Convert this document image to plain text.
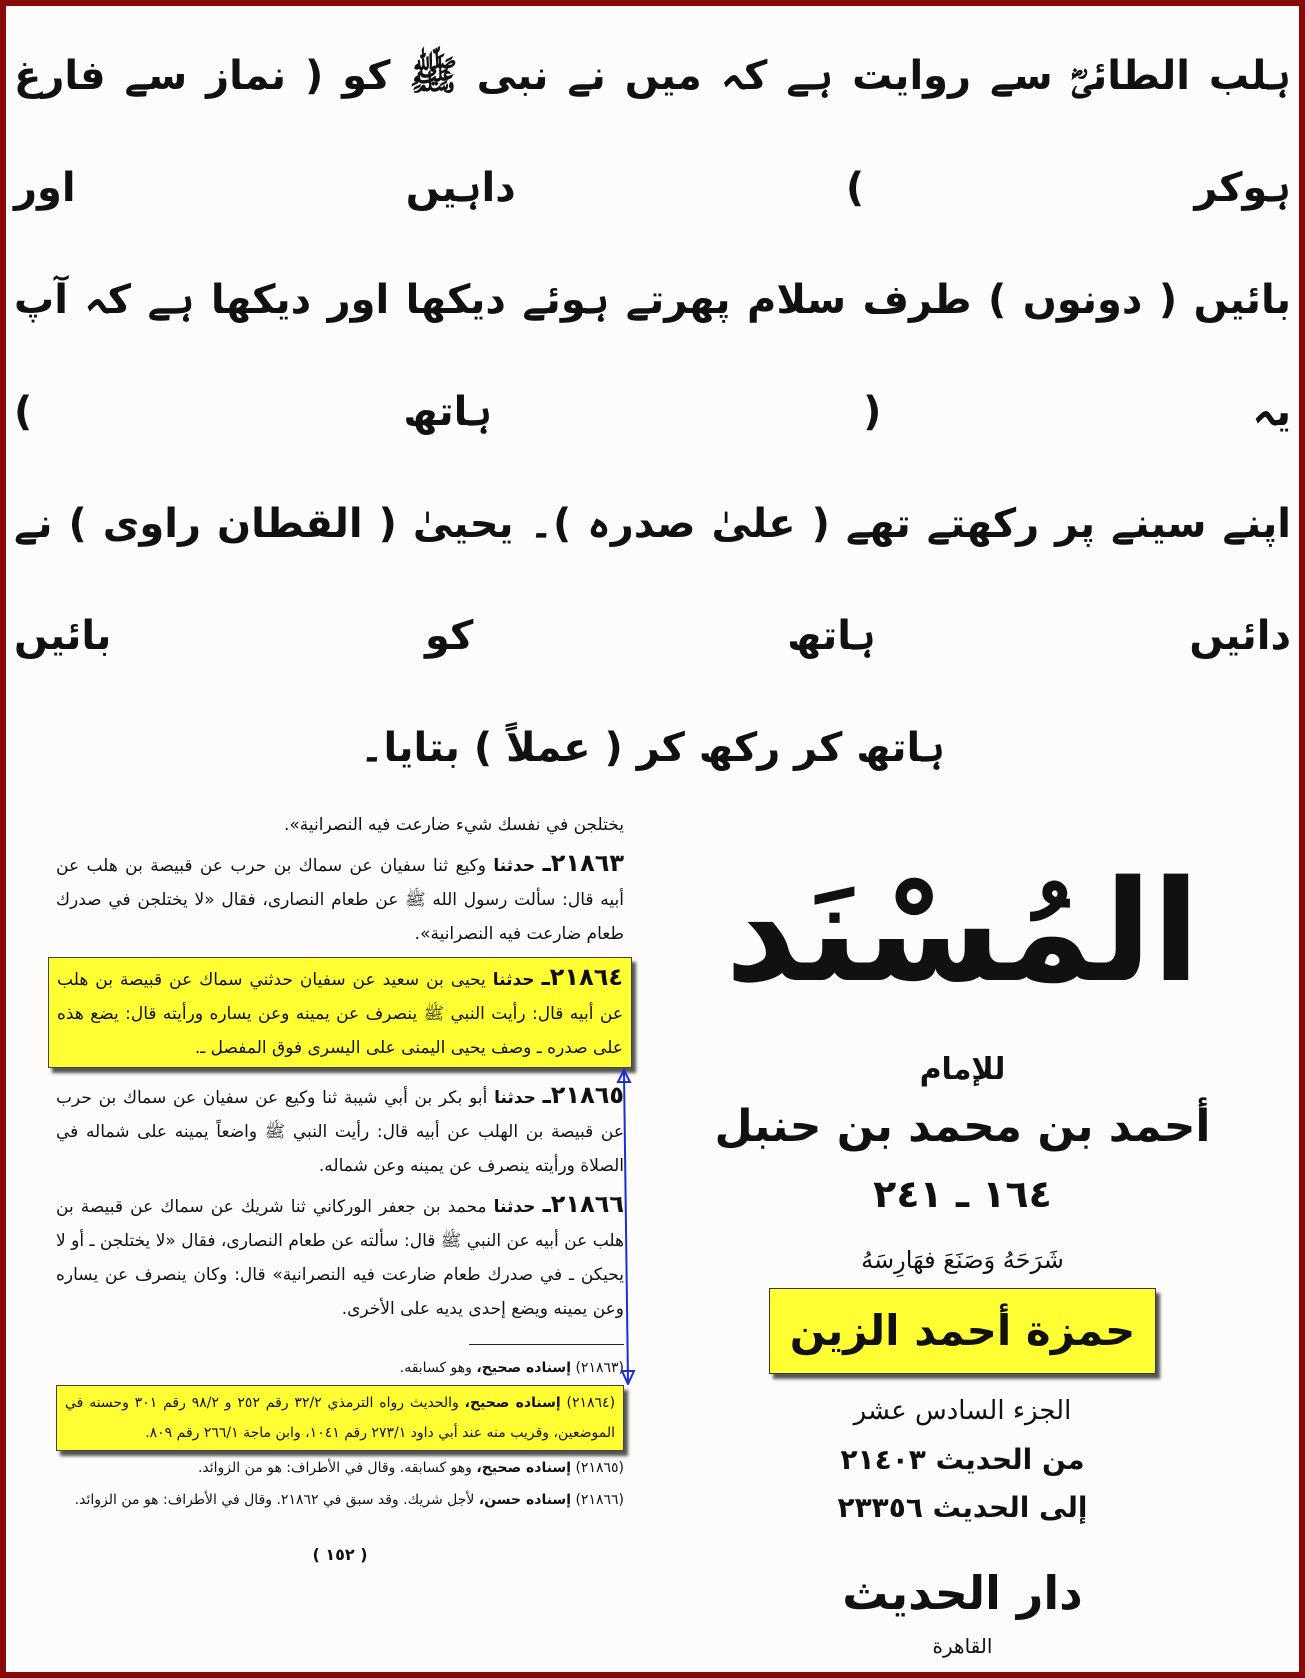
ہلب الطائیؓ سے روایت ہے کہ میں نے نبی ﷺ کو ( نماز سے فارغ ہوکر ) داہیں اور
بائیں ( دونوں ) طرف سلام پھرتے ہوئے دیکھا اور دیکھا ہے کہ آپ یہ ( ہاتھ )
اپنے سینے پر رکھتے تھے ( علیٰ صدرہ )۔ یحییٰ ( القطان راوی ) نے دائیں ہاتھ کو بائیں
ہاتھ کر رکھ کر ( عملاً ) بتایا۔
يختلجن في نفسك شيء ضارعت فيه النصرانية».
٢١٨٦٣ـ حدثنا وكيع ثنا سفيان عن سماك بن حرب عن قبيصة بن هلب عن أبيه قال: سألت رسول الله ﷺ عن طعام النصارى، فقال «لا يختلجن في صدرك طعام ضارعت فيه النصرانية».
٢١٨٦٤ـ حدثنا يحيى بن سعيد عن سفيان حدثني سماك عن قبيصة بن هلب عن أبيه قال: رأيت النبي ﷺ ينصرف عن يمينه وعن يساره ورأيته قال: يضع هذه على صدره ـ وصف يحيى اليمنى على اليسرى فوق المفصل ـ.
٢١٨٦٥ـ حدثنا أبو بكر بن أبي شيبة ثنا وكيع عن سفيان عن سماك بن حرب عن قبيصة بن الهلب عن أبيه قال: رأيت النبي ﷺ واضعاً يمينه على شماله في الصلاة ورأيته ينصرف عن يمينه وعن شماله.
٢١٨٦٦ـ حدثنا محمد بن جعفر الوركاني ثنا شريك عن سماك عن قبيصة بن هلب عن أبيه عن النبي ﷺ قال: سألته عن طعام النصارى، فقال «لا يختلجن ـ أو لا يحيكن ـ في صدرك طعام ضارعت فيه النصرانية» قال: وكان ينصرف عن يساره وعن يمينه ويضع إحدى يديه على الأخرى.
(٢١٨٦٣) إسناده صحيح، وهو كسابقه.
(٢١٨٦٤) إسناده صحيح، والحديث رواه الترمذي ٣٢/٢ رقم ٢٥٢ و ٩٨/٢ رقم ٣٠١ وحسنه في الموضعين، وقريب منه عند أبي داود ٢٧٣/١ رقم ١٠٤١، وابن ماجة ٢٦٦/١ رقم ٨٠٩.
(٢١٨٦٥) إسناده صحيح، وهو كسابقه. وقال في الأطراف: هو من الزوائد.
(٢١٨٦٦) إسناده حسن، لأجل شريك. وقد سبق في ٢١٨٦٢. وقال في الأطراف: هو من الزوائد.
( ١٥٢ )
المُسْنَد
للإمام
أحمد بن محمد بن حنبل
١٦٤ ـ ٢٤١
شَرَحَهُ وَصَنَعَ فهَارِسَهُ
حمزة أحمد الزين
الجزء السادس عشر
من الحديث ٢١٤٠٣
إلى الحديث ٢٣٣٥٦
دار الحديث
القاهرة
